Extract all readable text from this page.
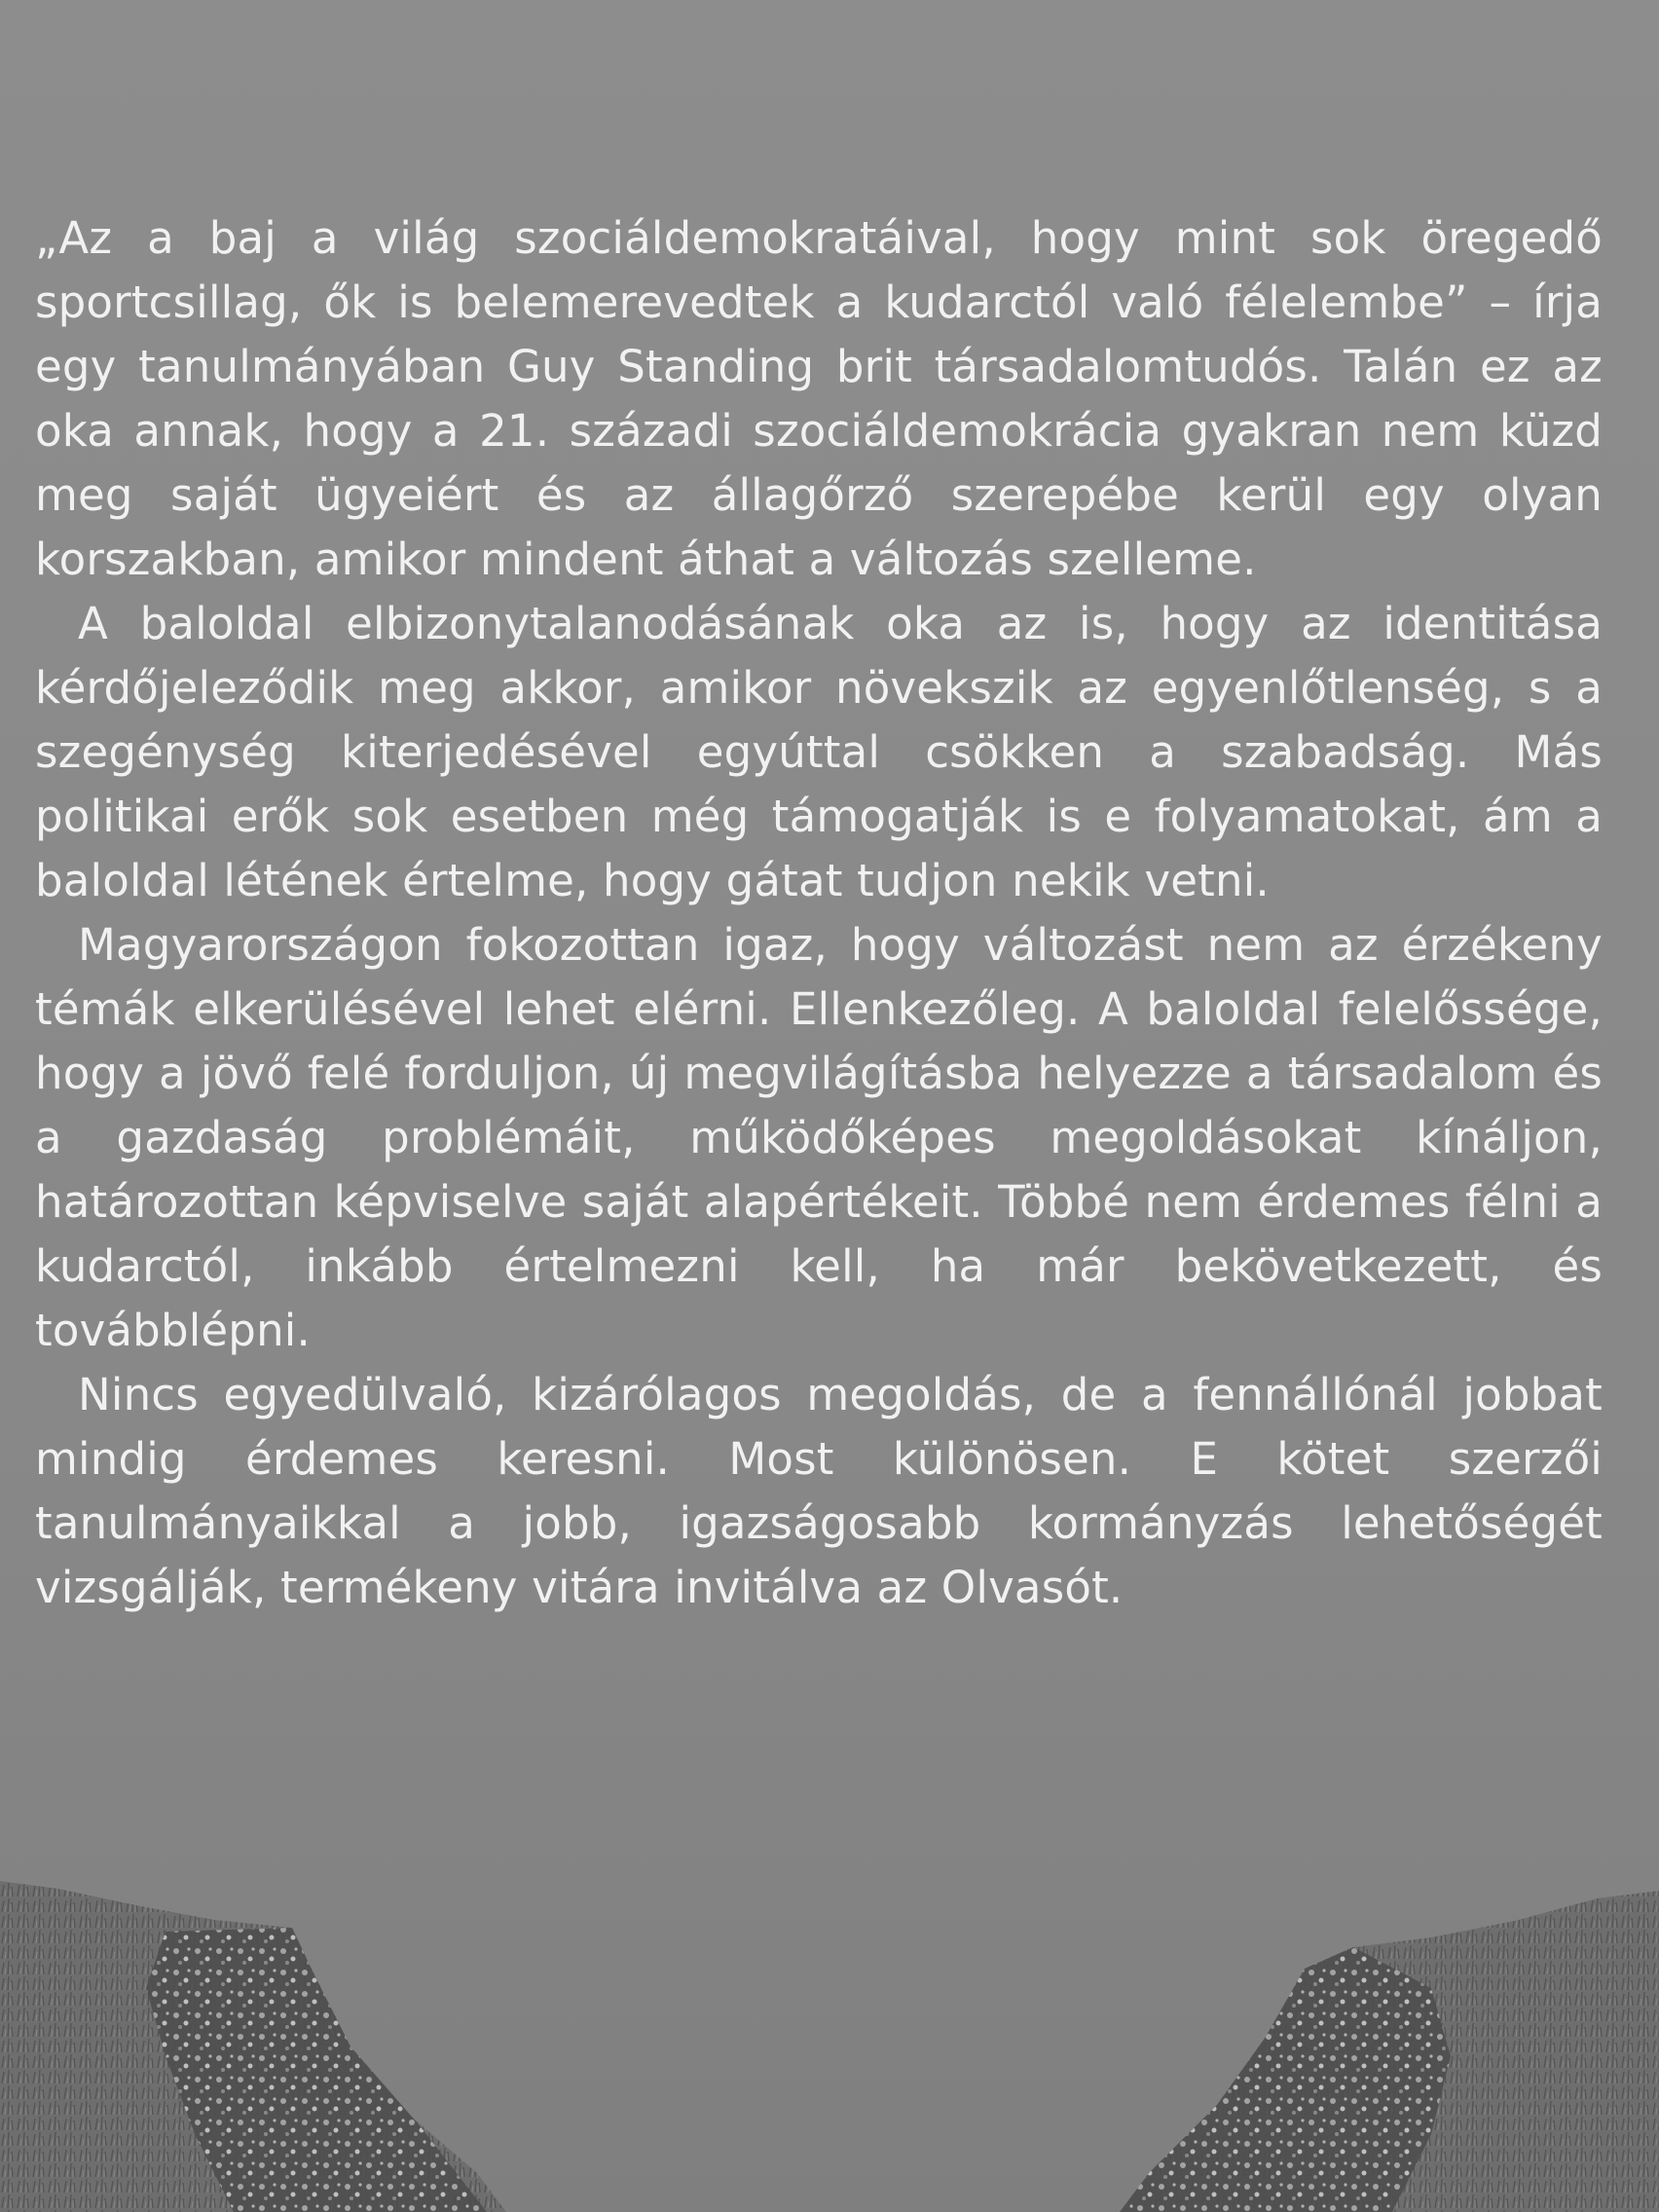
„Az a baj a világ szociáldemokratáival, hogy mint sok öregedő sportcsillag, ők is belemerevedtek a kudarctól való félelembe” – írja egy tanulmányában Guy Standing brit társadalomtudós. Talán ez az oka annak, hogy a 21. századi szociáldemokrácia gyakran nem küzd meg saját ügyeiért és az állagőrző szerepébe kerül egy olyan korszakban, amikor mindent áthat a változás szelleme.

A baloldal elbizonytalanodásának oka az is, hogy az identitása kérdőjeleződik meg akkor, amikor növekszik az egyenlőtlenség, s a szegénység kiterjedésével egyúttal csökken a szabadság. Más politikai erők sok esetben még támogatják is e folyamatokat, ám a baloldal létének értelme, hogy gátat tudjon nekik vetni.

Magyarországon fokozottan igaz, hogy változást nem az érzékeny témák elkerülésével lehet elérni. Ellenkezőleg. A baloldal felelőssége, hogy a jövő felé forduljon, új megvilágításba helyezze a társadalom és a gazdaság problémáit, működőképes megoldásokat kínáljon, határozottan képviselve saját alapértékeit. Többé nem érdemes félni a kudarctól, inkább értelmezni kell, ha már bekövetkezett, és továbblépni.

Nincs egyedülvaló, kizárólagos megoldás, de a fennállónál jobbat mindig érdemes keresni. Most különösen. E kötet szerzői tanulmányaikkal a jobb, igazságosabb kormányzás lehetőségét vizsgálják, termékeny vitára invitálva az Olvasót.
